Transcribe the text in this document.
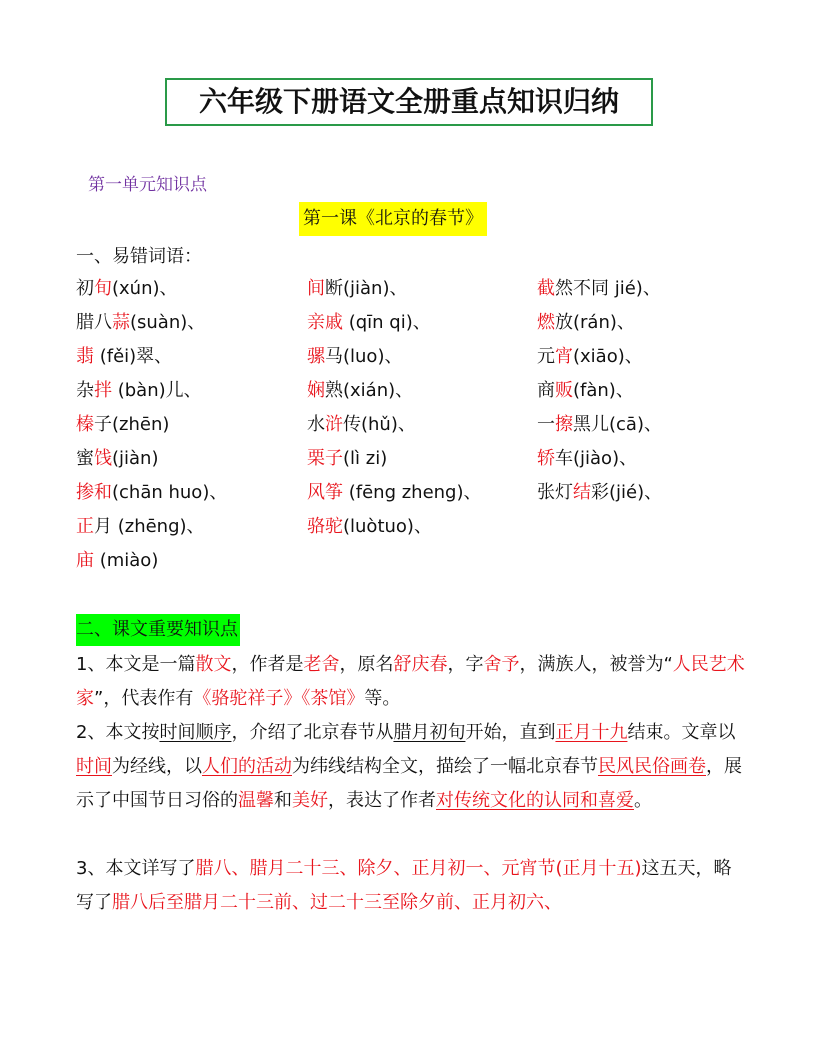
六年级下册语文全册重点知识归纳
第一单元知识点
第一课《北京的春节》
一、易错词语：
初旬(xún)、
腊八蒜(suàn)、
翡 (fěi)翠、
杂拌 (bàn)儿、
榛子(zhēn)
蜜饯(jiàn)
掺和(chān huo)、
正月 (zhēng)、
庙 (miào)
间断(jiàn)、
亲戚 (qīn qi)、
骡马(luo)、
娴熟(xián)、
水浒传(hǔ)、
栗子(lì zi)
风筝 (fēng zheng)、
骆驼(luòtuo)、
截然不同 jié)、
燃放(rán)、
元宵(xiāo)、
商贩(fàn)、
一擦黑儿(cā)、
轿车(jiào)、
张灯结彩(jié)、
二、课文重要知识点
1、本文是一篇散文，作者是老舍，原名舒庆春，字舍予，满族人，被誉为“人民艺术家”，代表作有《骆驼祥子》《茶馆》等。
2、本文按时间顺序，介绍了北京春节从腊月初旬开始，直到正月十九结束。文章以时间为经线，以人们的活动为纬线结构全文，描绘了一幅北京春节民风民俗画卷，展示了中国节日习俗的温馨和美好，表达了作者对传统文化的认同和喜爱。
3、本文详写了腊八、腊月二十三、除夕、正月初一、元宵节(正月十五)这五天，略写了腊八后至腊月二十三前、过二十三至除夕前、正月初六、
